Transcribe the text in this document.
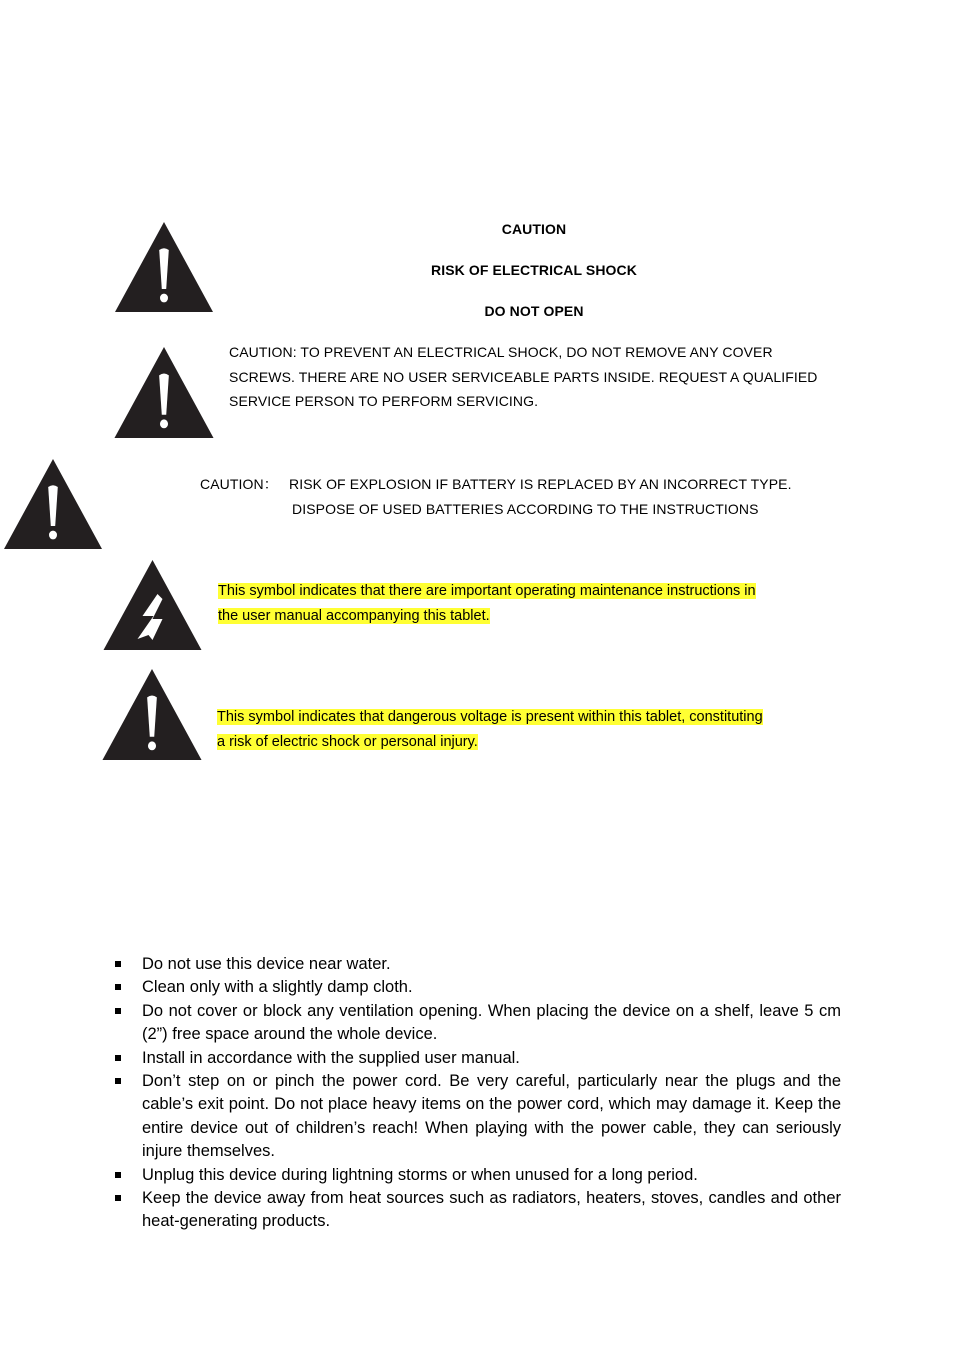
CAUTION
RISK OF ELECTRICAL SHOCK
DO NOT OPEN
CAUTION: TO PREVENT AN ELECTRICAL SHOCK, DO NOT REMOVE ANY COVER
SCREWS. THERE ARE NO USER SERVICEABLE PARTS INSIDE. REQUEST A QUALIFIED
SERVICE PERSON TO PERFORM SERVICING.
CAUTION： RISK OF EXPLOSION IF BATTERY IS REPLACED BY AN INCORRECT TYPE.
DISPOSE OF USED BATTERIES ACCORDING TO THE INSTRUCTIONS
This symbol indicates that there are important operating maintenance instructions in
the user manual accompanying this tablet.
This symbol indicates that dangerous voltage is present within this tablet, constituting
a risk of electric shock or personal injury.
Do not use this device near water.
Clean only with a slightly damp cloth.
Do not cover or block any ventilation opening. When placing the device on a shelf, leave 5 cm (2”) free space around the whole device.
Install in accordance with the supplied user manual.
Don’t step on or pinch the power cord. Be very careful, particularly near the plugs and the cable’s exit point. Do not place heavy items on the power cord, which may damage it. Keep the entire device out of children’s reach! When playing with the power cable, they can seriously injure themselves.
Unplug this device during lightning storms or when unused for a long period.
Keep the device away from heat sources such as radiators, heaters, stoves, candles and other heat-generating products.
